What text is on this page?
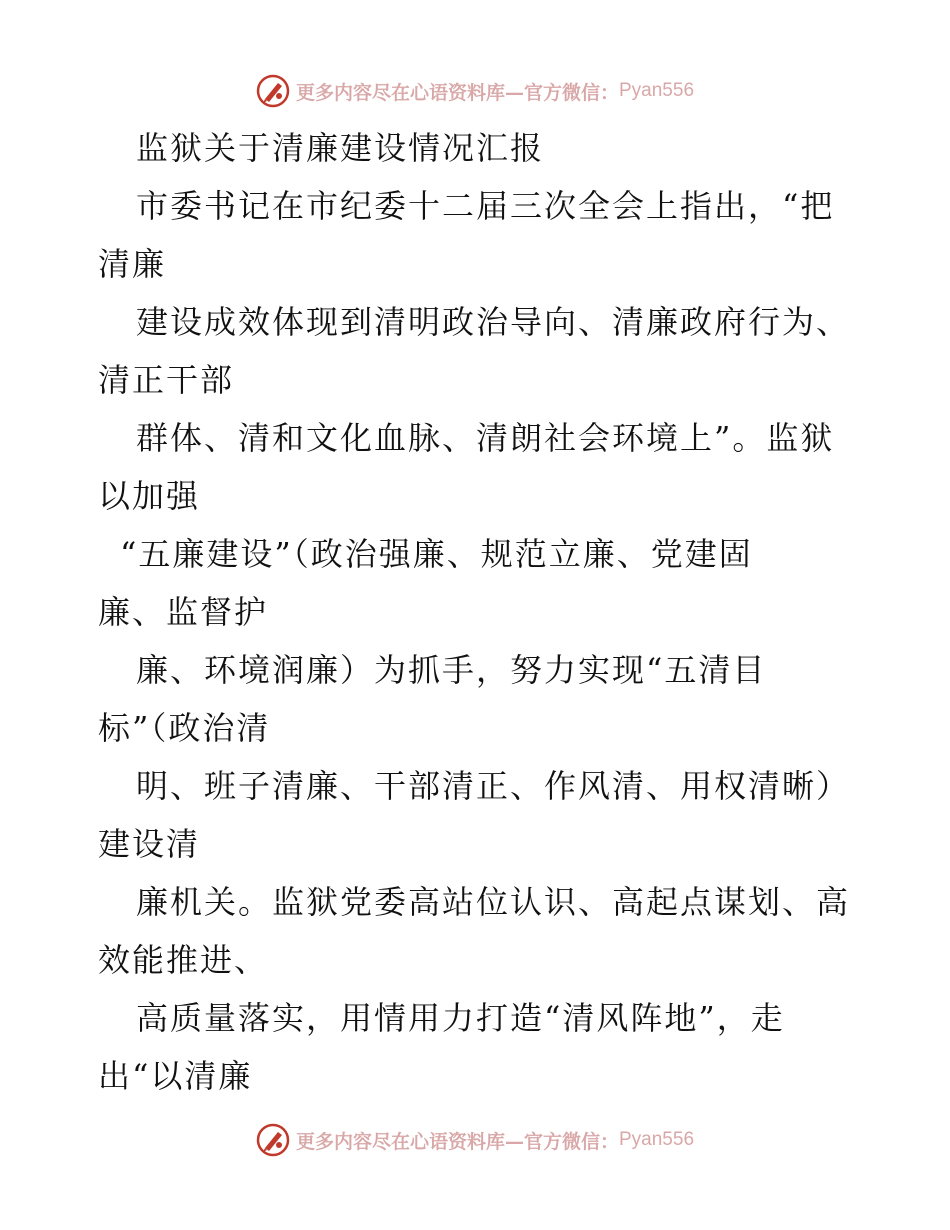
更多内容尽在心语资料库—官方微信： Pyan556
监狱关于清廉建设情况汇报
市委书记在市纪委十二届三次全会上指出，“把
清廉
建设成效体现到清明政治导向、清廉政府行为、
清正干部
群体、清和文化血脉、清朗社会环境上”。监狱
以加强
“五廉建设”（政治强廉、规范立廉、党建固
廉、监督护
廉、环境润廉）为抓手，努力实现“五清目
标”（政治清
明、班子清廉、干部清正、作风清、用权清晰）
建设清
廉机关。监狱党委高站位认识、高起点谋划、高
效能推进、
高质量落实，用情用力打造“清风阵地”，走
出“以清廉
更多内容尽在心语资料库—官方微信： Pyan556
